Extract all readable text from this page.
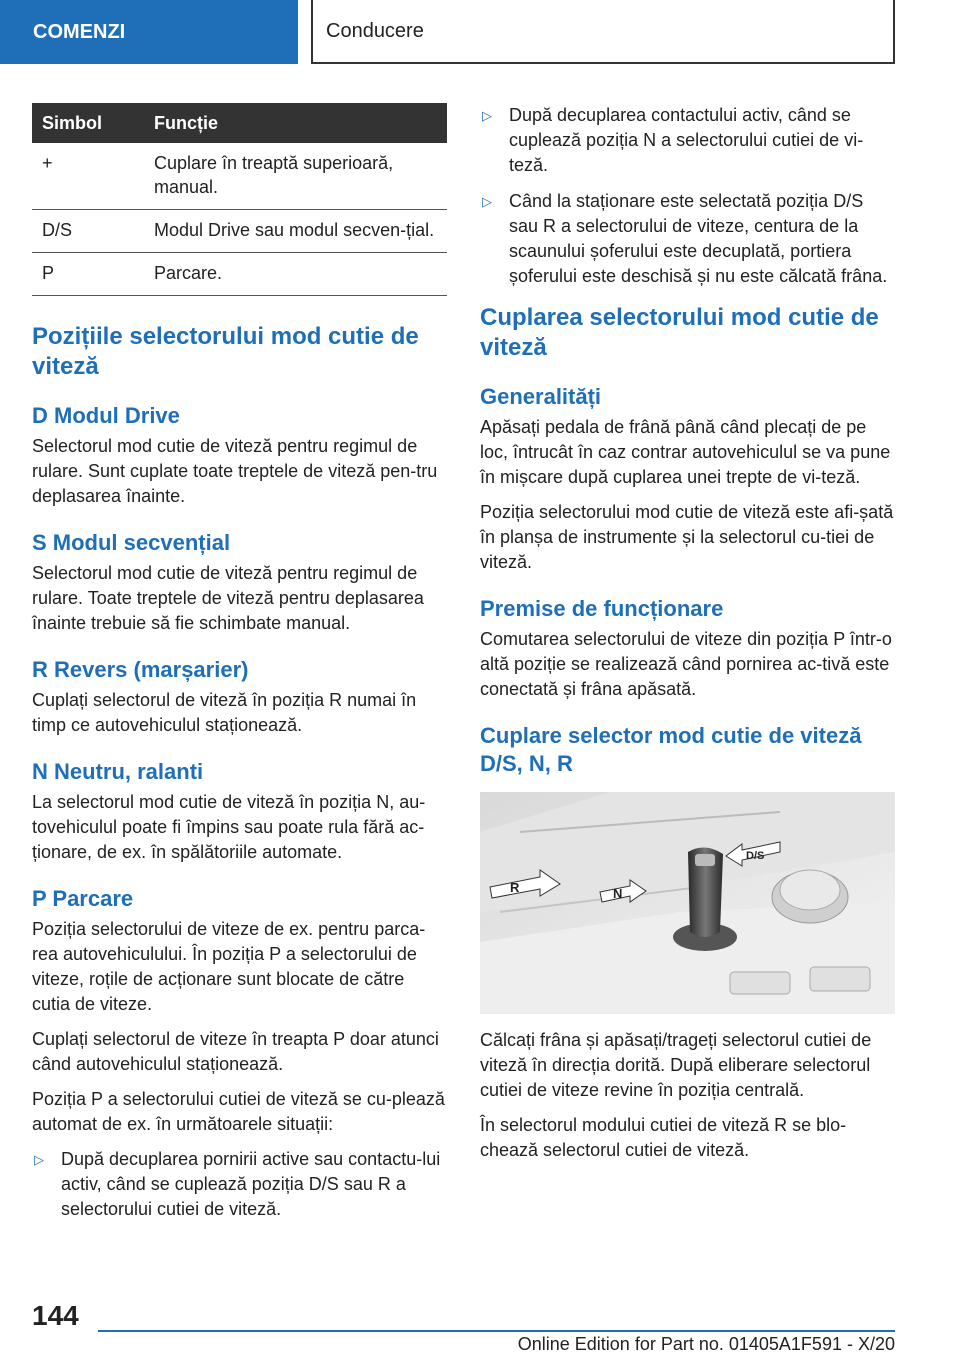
COMENZI	Conducere
Simbol	Funcție
+	Cuplare în treaptă superioară, manual.
D/S	Modul Drive sau modul secven‐țial.
P	Parcare.
Pozițiile selectorului mod cutie de viteză
D Modul Drive

Selectorul mod cutie de viteză pentru regimul de rulare. Sunt cuplate toate treptele de viteză pen‐tru deplasarea înainte.

S Modul secvențial

Selectorul mod cutie de viteză pentru regimul de rulare. Toate treptele de viteză pentru deplasarea înainte trebuie să fie schimbate manual.

R Revers (marșarier)

Cuplați selectorul de viteză în poziția R numai în timp ce autovehiculul staționează.

N Neutru, ralanti

La selectorul mod cutie de viteză în poziția N, au‐tovehiculul poate fi împins sau poate rula fără ac‐ționare, de ex. în spălătoriile automate.

P Parcare

Poziția selectorului de viteze de ex. pentru parca‐rea autovehiculului. În poziția P a selectorului de viteze, roțile de acționare sunt blocate de către cutia de viteze.

Cuplați selectorul de viteze în treapta P doar atunci când autovehiculul staționează.

Poziția P a selectorului cutiei de viteză se cu‐plează automat de ex. în următoarele situații:

▷ După decuplarea pornirii active sau contactu‐lui activ, când se cuplează poziția D/S sau R a selectorului cutiei de viteză.
▷ După decuplarea contactului activ, când se cuplează poziția N a selectorului cutiei de vi‐teză.
▷ Când la staționare este selectată poziția D/S sau R a selectorului de viteze, centura de la scaunului șoferului este decuplată, portiera șoferului este deschisă și nu este călcată frâna.
Cuplarea selectorului mod cutie de viteză
Generalități

Apăsați pedala de frână până când plecați de pe loc, întrucât în caz contrar autovehiculul se va pune în mișcare după cuplarea unei trepte de vi‐teză.

Poziția selectorului mod cutie de viteză este afi‐șată în planșa de instrumente și la selectorul cu‐tiei de viteză.

Premise de funcționare

Comutarea selectorului de viteze din poziția P într-o altă poziție se realizează când pornirea ac‐tivă este conectată și frâna apăsată.

Cuplare selector mod cutie de viteză D/S, N, R
R	N
D/S

Călcați frâna și apăsați/trageți selectorul cutiei de viteză în direcția dorită. După eliberare selectorul cutiei de viteze revine în poziția centrală.

În selectorul modului cutiei de viteză R se blo‐chează selectorul cutiei de viteză.

144
Online Edition for Part no. 01405A1F591 - X/20
